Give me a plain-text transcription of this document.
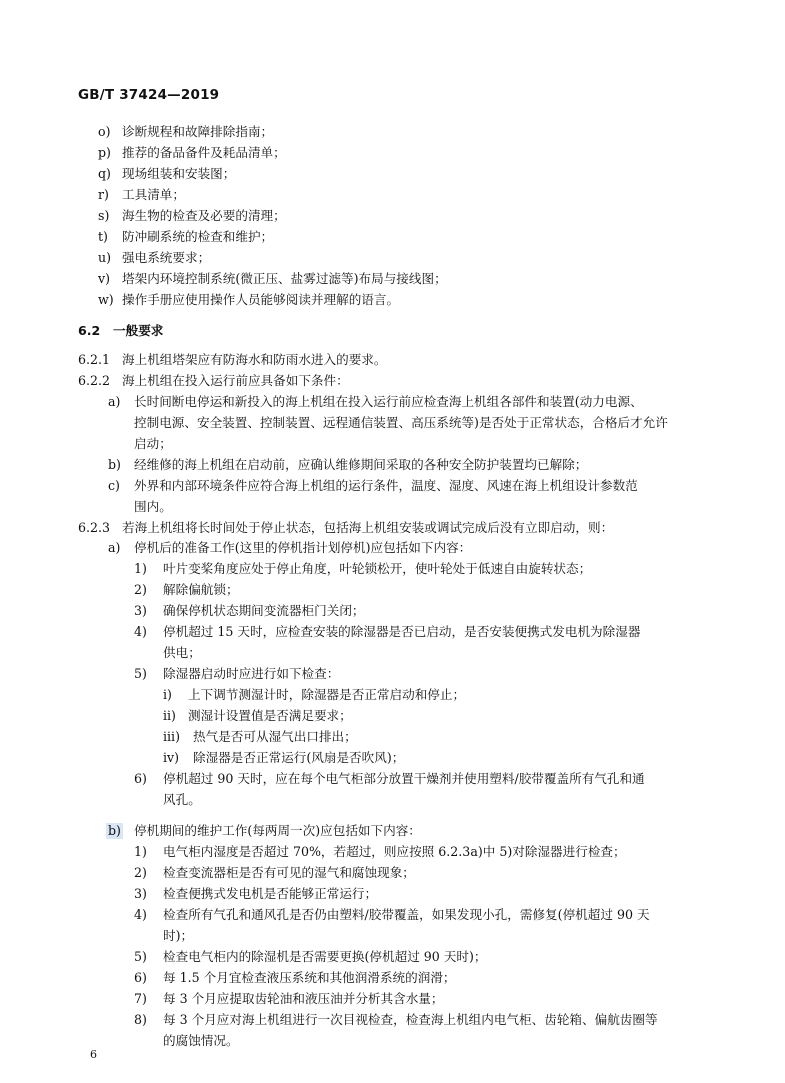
GB/T 37424—2019
o) 诊断规程和故障排除指南；
p) 推荐的备品备件及耗品清单；
q) 现场组装和安装图；
r) 工具清单；
s) 海生物的检查及必要的清理；
t) 防冲刷系统的检查和维护；
u) 强电系统要求；
v) 塔架内环境控制系统(微正压、盐雾过滤等)布局与接线图；
w) 操作手册应使用操作人员能够阅读并理解的语言。
6.2 一般要求
6.2.1 海上机组塔架应有防海水和防雨水进入的要求。
6.2.2 海上机组在投入运行前应具备如下条件：
a) 长时间断电停运和新投入的海上机组在投入运行前应检查海上机组各部件和装置(动力电源、
控制电源、安全装置、控制装置、远程通信装置、高压系统等)是否处于正常状态，合格后才允许
启动；
b) 经维修的海上机组在启动前，应确认维修期间采取的各种安全防护装置均已解除；
c) 外界和内部环境条件应符合海上机组的运行条件，温度、湿度、风速在海上机组设计参数范
围内。
6.2.3 若海上机组将长时间处于停止状态，包括海上机组安装或调试完成后没有立即启动，则：
a) 停机后的准备工作(这里的停机指计划停机)应包括如下内容：
1) 叶片变桨角度应处于停止角度，叶轮锁松开，使叶轮处于低速自由旋转状态；
2) 解除偏航锁；
3) 确保停机状态期间变流器柜门关闭；
4) 停机超过 15 天时，应检查安装的除湿器是否已启动，是否安装便携式发电机为除湿器
供电；
5) 除湿器启动时应进行如下检查：
i) 上下调节测湿计时，除湿器是否正常启动和停止；
ii) 测湿计设置值是否满足要求；
iii) 热气是否可从湿气出口排出；
iv) 除湿器是否正常运行(风扇是否吹风)；
6) 停机超过 90 天时，应在每个电气柜部分放置干燥剂并使用塑料/胶带覆盖所有气孔和通
风孔。
b) 停机期间的维护工作(每两周一次)应包括如下内容：
1) 电气柜内湿度是否超过 70%，若超过，则应按照 6.2.3a)中 5)对除湿器进行检查；
2) 检查变流器柜是否有可见的湿气和腐蚀现象；
3) 检查便携式发电机是否能够正常运行；
4) 检查所有气孔和通风孔是否仍由塑料/胶带覆盖，如果发现小孔，需修复(停机超过 90 天
时)；
5) 检查电气柜内的除湿机是否需要更换(停机超过 90 天时)；
6) 每 1.5 个月宜检查液压系统和其他润滑系统的润滑；
7) 每 3 个月应提取齿轮油和液压油并分析其含水量；
8) 每 3 个月应对海上机组进行一次目视检查，检查海上机组内电气柜、齿轮箱、偏航齿圈等
的腐蚀情况。
6
